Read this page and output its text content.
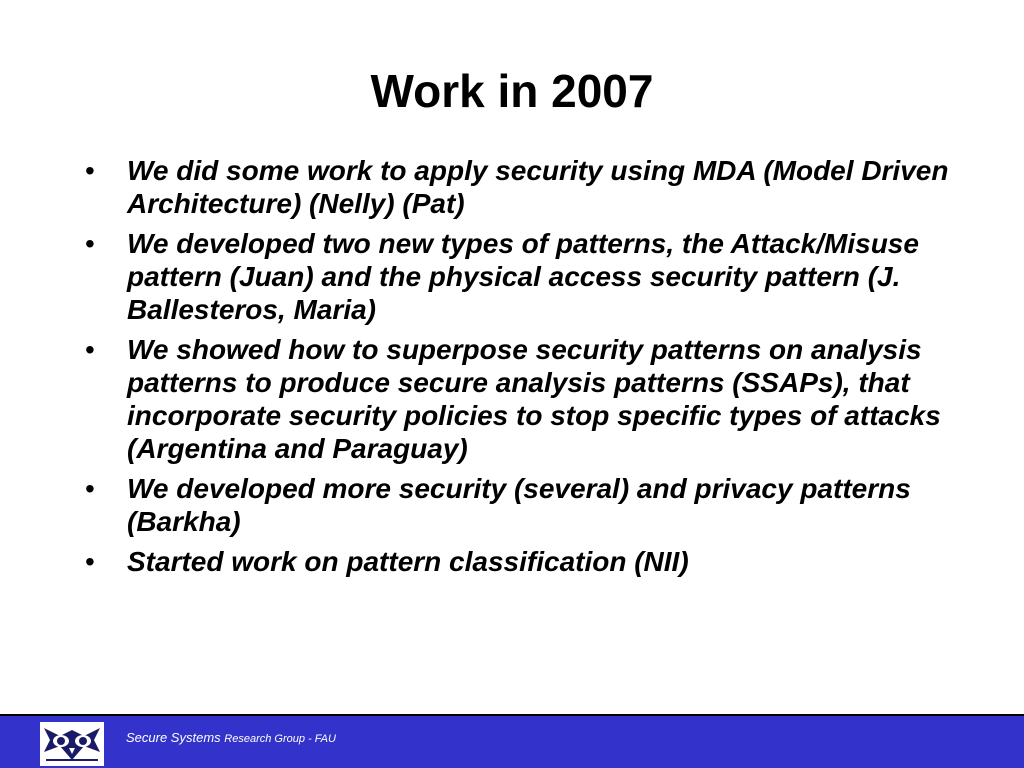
Work in 2007
• We did some work to apply security using MDA (Model Driven Architecture) (Nelly) (Pat)
• We developed two new types of patterns, the Attack/Misuse pattern (Juan) and the physical access security pattern (J. Ballesteros, Maria)
• We showed how to superpose security patterns on analysis patterns to produce secure analysis patterns (SSAPs), that incorporate security policies to stop specific types of attacks (Argentina and Paraguay)
• We developed more security (several) and privacy patterns (Barkha)
• Started work on pattern classification (NII)
Secure Systems Research Group - FAU
